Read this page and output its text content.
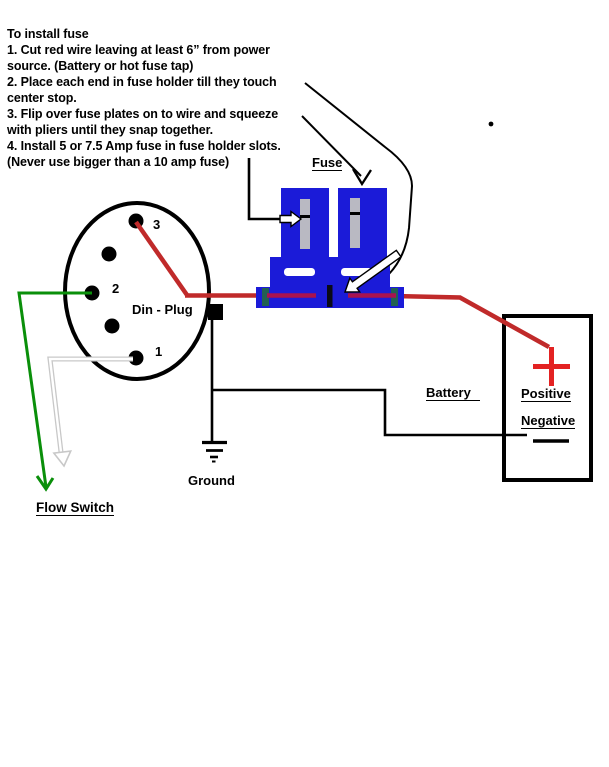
To install fuse
1. Cut red wire leaving at least 6” from power
source. (Battery or hot fuse tap)
2. Place each end in fuse holder till they touch
center stop.
3. Flip over fuse plates on to wire and squeeze
with pliers until they snap together.
4. Install 5 or 7.5 Amp fuse in fuse holder slots.
(Never use bigger than a 10 amp fuse)	Fuse
Din - Plug
3
2
1
Battery	Positive
Negative
Ground
Flow Switch
